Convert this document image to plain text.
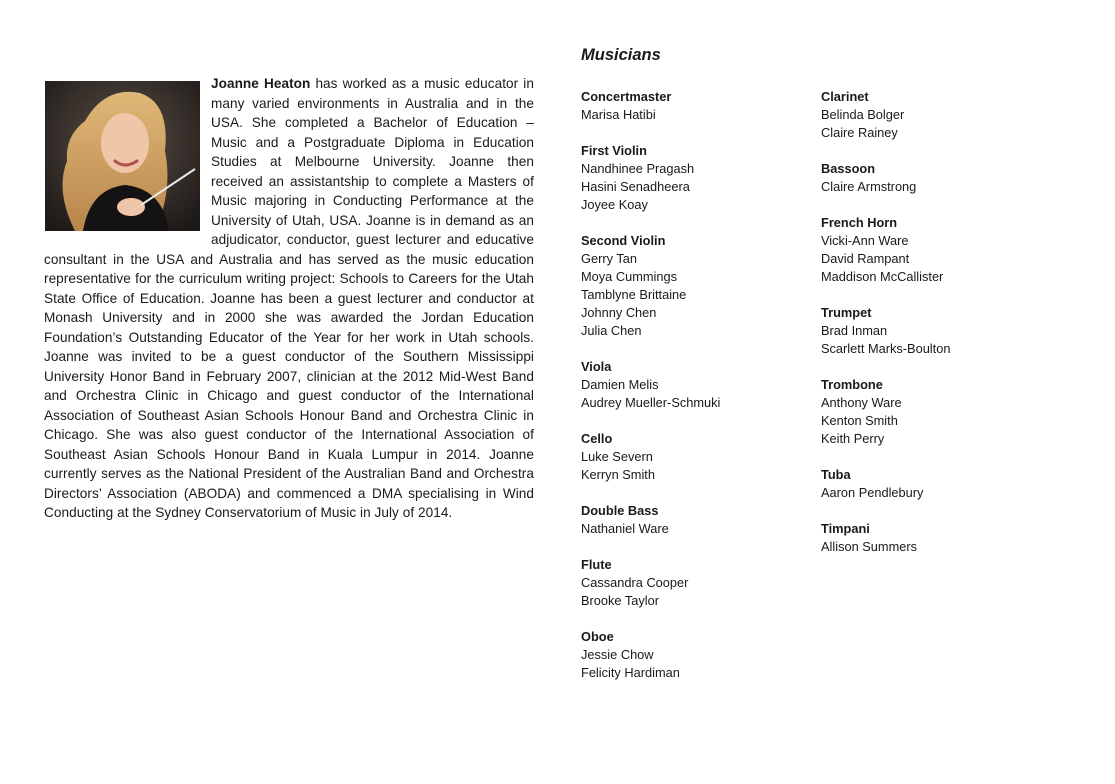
Joanne Heaton has worked as a music educator in many varied environments in Australia and in the USA. She completed a Bachelor of Education – Music and a Postgraduate Diploma in Education Studies at Melbourne University. Joanne then received an assistantship to complete a Masters of Music majoring in Conducting Performance at the University of Utah, USA. Joanne is in demand as an adjudicator, conductor, guest lecturer and educative consultant in the USA and Australia and has served as the music education representative for the curriculum writing project: Schools to Careers for the Utah State Office of Education. Joanne has been a guest lecturer and conductor at Monash University and in 2000 she was awarded the Jordan Education Foundation’s Outstanding Educator of the Year for her work in Utah schools. Joanne was invited to be a guest conductor of the Southern Mississippi University Honor Band in February 2007, clinician at the 2012 Mid-West Band and Orchestra Clinic in Chicago and guest conductor of the International Association of Southeast Asian Schools Honour Band and Orchestra Clinic in Chicago. She was also guest conductor of the International Association of Southeast Asian Schools Honour Band in Kuala Lumpur in 2014. Joanne currently serves as the National President of the Australian Band and Orchestra Directors’ Association (ABODA) and commenced a DMA specialising in Wind Conducting at the Sydney Conservatorium of Music in July of 2014.
Musicians
Concertmaster
Marisa Hatibi
First Violin
Nandhinee Pragash
Hasini Senadheera
Joyee Koay
Second Violin
Gerry Tan
Moya Cummings
Tamblyne Brittaine
Johnny Chen
Julia Chen
Viola
Damien Melis
Audrey Mueller-Schmuki
Cello
Luke Severn
Kerryn Smith
Double Bass
Nathaniel Ware
Flute
Cassandra Cooper
Brooke Taylor
Oboe
Jessie Chow
Felicity Hardiman
Clarinet
Belinda Bolger
Claire Rainey
Bassoon
Claire Armstrong
French Horn
Vicki-Ann Ware
David Rampant
Maddison McCallister
Trumpet
Brad Inman
Scarlett Marks-Boulton
Trombone
Anthony Ware
Kenton Smith
Keith Perry
Tuba
Aaron Pendlebury
Timpani
Allison Summers
